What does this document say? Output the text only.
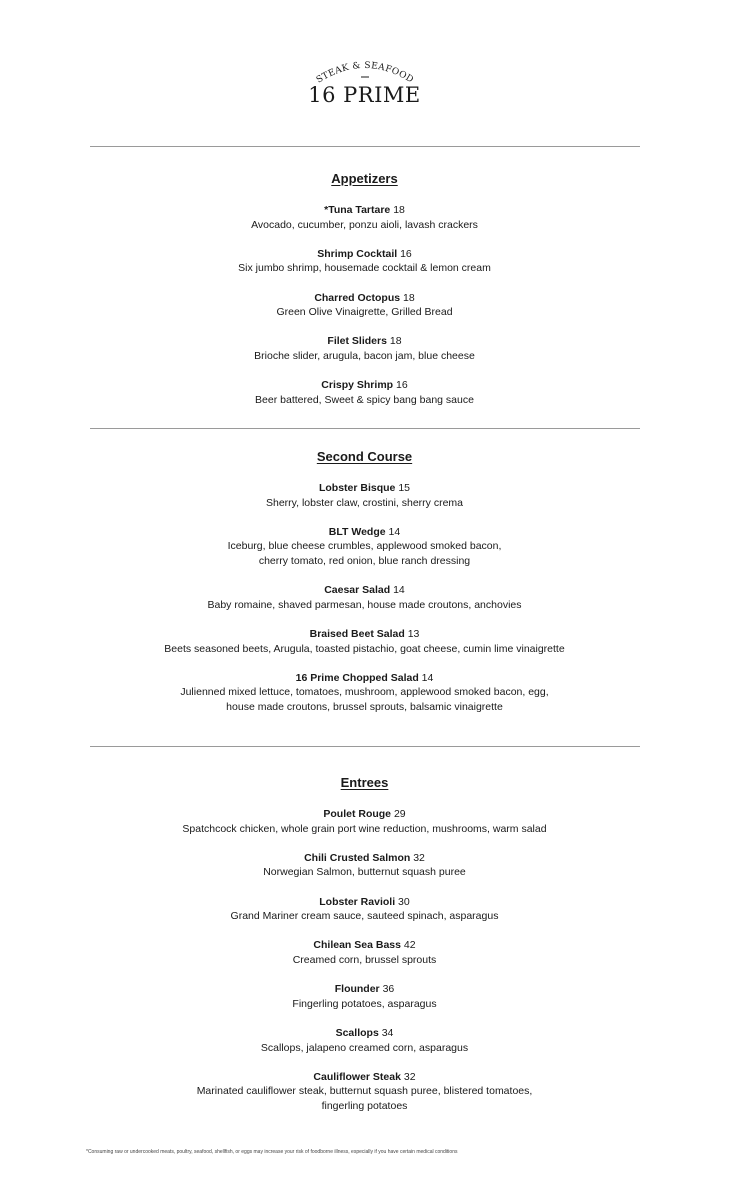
STEAK & SEAFOOD
16 PRIME
Appetizers
*Tuna Tartare 18
Avocado, cucumber, ponzu aioli, lavash crackers
Shrimp Cocktail 16
Six jumbo shrimp, housemade cocktail & lemon cream
Charred Octopus 18
Green Olive Vinaigrette, Grilled Bread
Filet Sliders 18
Brioche slider, arugula, bacon jam, blue cheese
Crispy Shrimp 16
Beer battered, Sweet & spicy bang bang sauce
Second Course
Lobster Bisque 15
Sherry, lobster claw, crostini, sherry crema
BLT Wedge 14
Iceburg, blue cheese crumbles, applewood smoked bacon,
cherry tomato, red onion, blue ranch dressing
Caesar Salad 14
Baby romaine, shaved parmesan, house made croutons, anchovies
Braised Beet Salad 13
Beets seasoned beets, Arugula, toasted pistachio, goat cheese, cumin lime vinaigrette
16 Prime Chopped Salad 14
Julienned mixed lettuce, tomatoes, mushroom, applewood smoked bacon, egg,
house made croutons, brussel sprouts, balsamic vinaigrette
Entrees
Poulet Rouge 29
Spatchcock chicken, whole grain port wine reduction, mushrooms, warm salad
Chili Crusted Salmon 32
Norwegian Salmon, butternut squash puree
Lobster Ravioli 30
Grand Mariner cream sauce, sauteed spinach, asparagus
Chilean Sea Bass 42
Creamed corn, brussel sprouts
Flounder 36
Fingerling potatoes, asparagus
Scallops 34
Scallops, jalapeno creamed corn, asparagus
Cauliflower Steak 32
Marinated cauliflower steak, butternut squash puree, blistered tomatoes,
fingerling potatoes
*Consuming raw or undercooked meats, poultry, seafood, shellfish, or eggs may increase your risk of foodborne illness, especially if you have certain medical conditions
